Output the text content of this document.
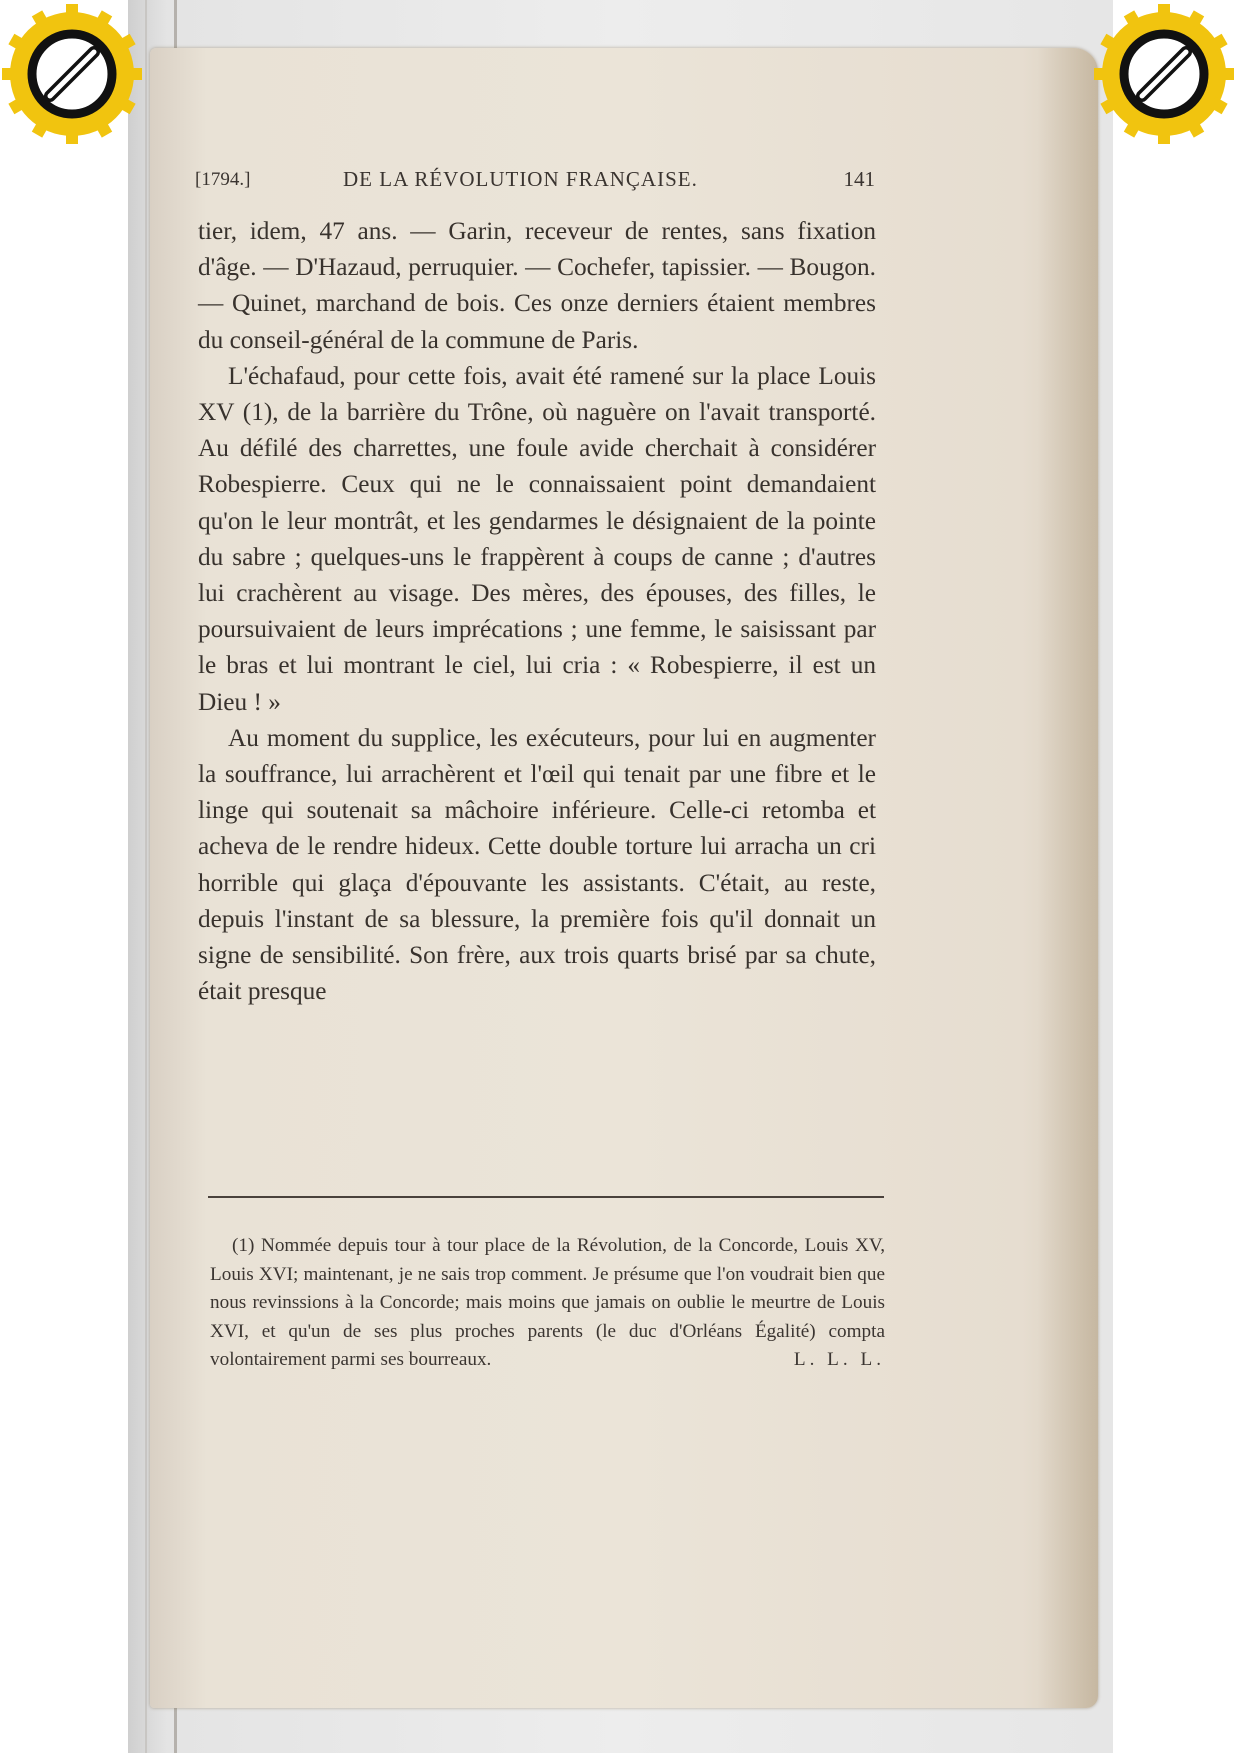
[1794.]	DE LA RÉVOLUTION FRANÇAISE.	141

tier, idem, 47 ans. — Garin, receveur de rentes, sans fixation d'âge. — D'Hazaud, perruquier. — Cochefer, tapissier. — Bougon. — Quinet, marchand de bois. Ces onze derniers étaient membres du conseil-général de la commune de Paris.

L'échafaud, pour cette fois, avait été ramené sur la place Louis XV (1), de la barrière du Trône, où naguère on l'avait transporté. Au défilé des charrettes, une foule avide cherchait à considérer Robespierre. Ceux qui ne le connaissaient point demandaient qu'on le leur montrât, et les gendarmes le désignaient de la pointe du sabre ; quelques-uns le frappèrent à coups de canne ; d'autres lui crachèrent au visage. Des mères, des épouses, des filles, le poursuivaient de leurs imprécations ; une femme, le saisissant par le bras et lui montrant le ciel, lui cria : « Robespierre, il est un Dieu ! »

Au moment du supplice, les exécuteurs, pour lui en augmenter la souffrance, lui arrachèrent et l'œil qui tenait par une fibre et le linge qui soutenait sa mâchoire inférieure. Celle-ci retomba et acheva de le rendre hideux. Cette double torture lui arracha un cri horrible qui glaça d'épouvante les assistants. C'était, au reste, depuis l'instant de sa blessure, la première fois qu'il donnait un signe de sensibilité. Son frère, aux trois quarts brisé par sa chute, était presque

(1) Nommée depuis tour à tour place de la Révolution, de la Concorde, Louis XV, Louis XVI; maintenant, je ne sais trop comment. Je présume que l'on voudrait bien que nous revinssions à la Concorde; mais moins que jamais on oublie le meurtre de Louis XVI, et qu'un de ses plus proches parents (le duc d'Orléans Égalité) compta volontairement parmi ses bourreaux.	L. L. L.
